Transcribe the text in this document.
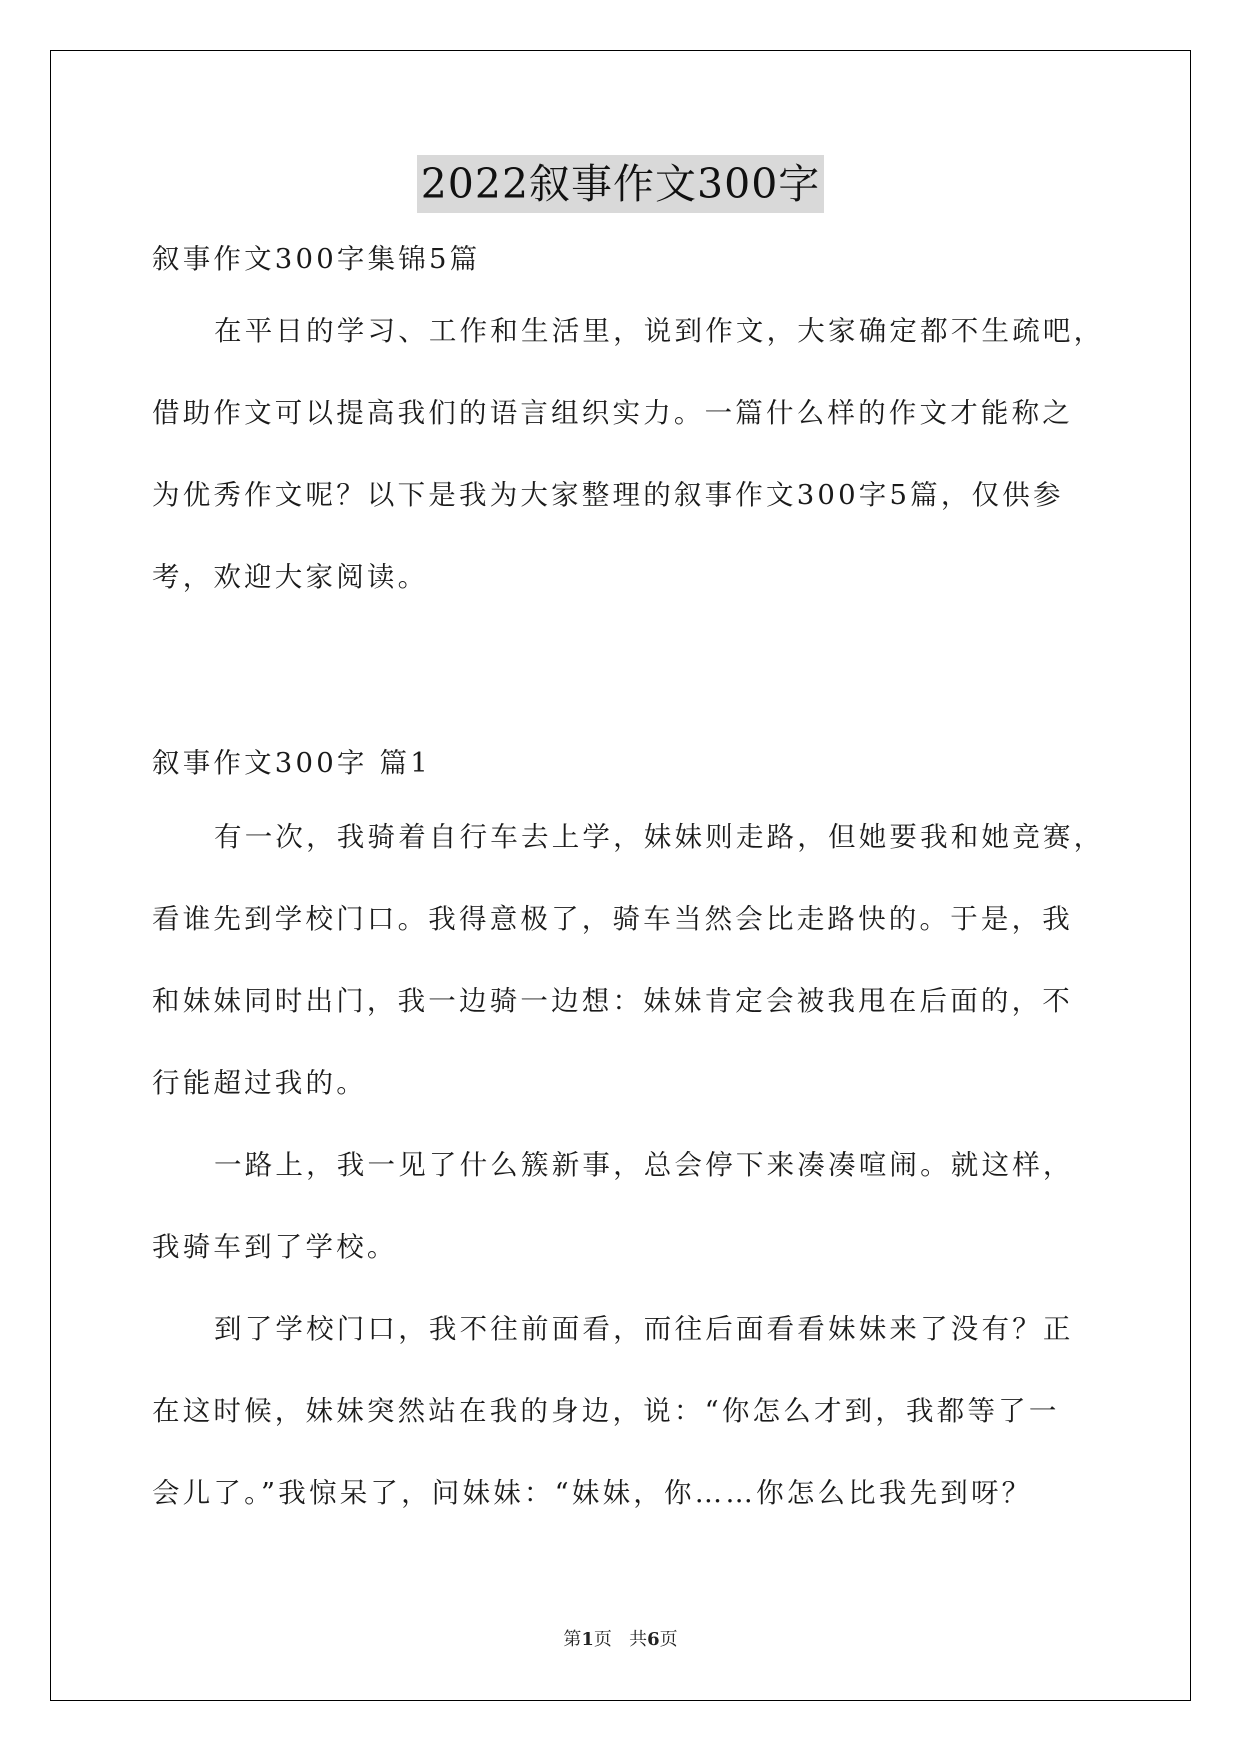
2022叙事作文300字
叙事作文300字集锦5篇
在平日的学习、工作和生活里，说到作文，大家确定都不生疏吧，
借助作文可以提高我们的语言组织实力。一篇什么样的作文才能称之
为优秀作文呢？以下是我为大家整理的叙事作文300字5篇，仅供参
考，欢迎大家阅读。
叙事作文300字 篇1
有一次，我骑着自行车去上学，妹妹则走路，但她要我和她竞赛，
看谁先到学校门口。我得意极了，骑车当然会比走路快的。于是，我
和妹妹同时出门，我一边骑一边想：妹妹肯定会被我甩在后面的，不
行能超过我的。
一路上，我一见了什么簇新事，总会停下来凑凑喧闹。就这样，
我骑车到了学校。
到了学校门口，我不往前面看，而往后面看看妹妹来了没有？正
在这时候，妹妹突然站在我的身边，说：“你怎么才到，我都等了一
会儿了。”我惊呆了，问妹妹：“妹妹，你……你怎么比我先到呀？
第1页   共6页
